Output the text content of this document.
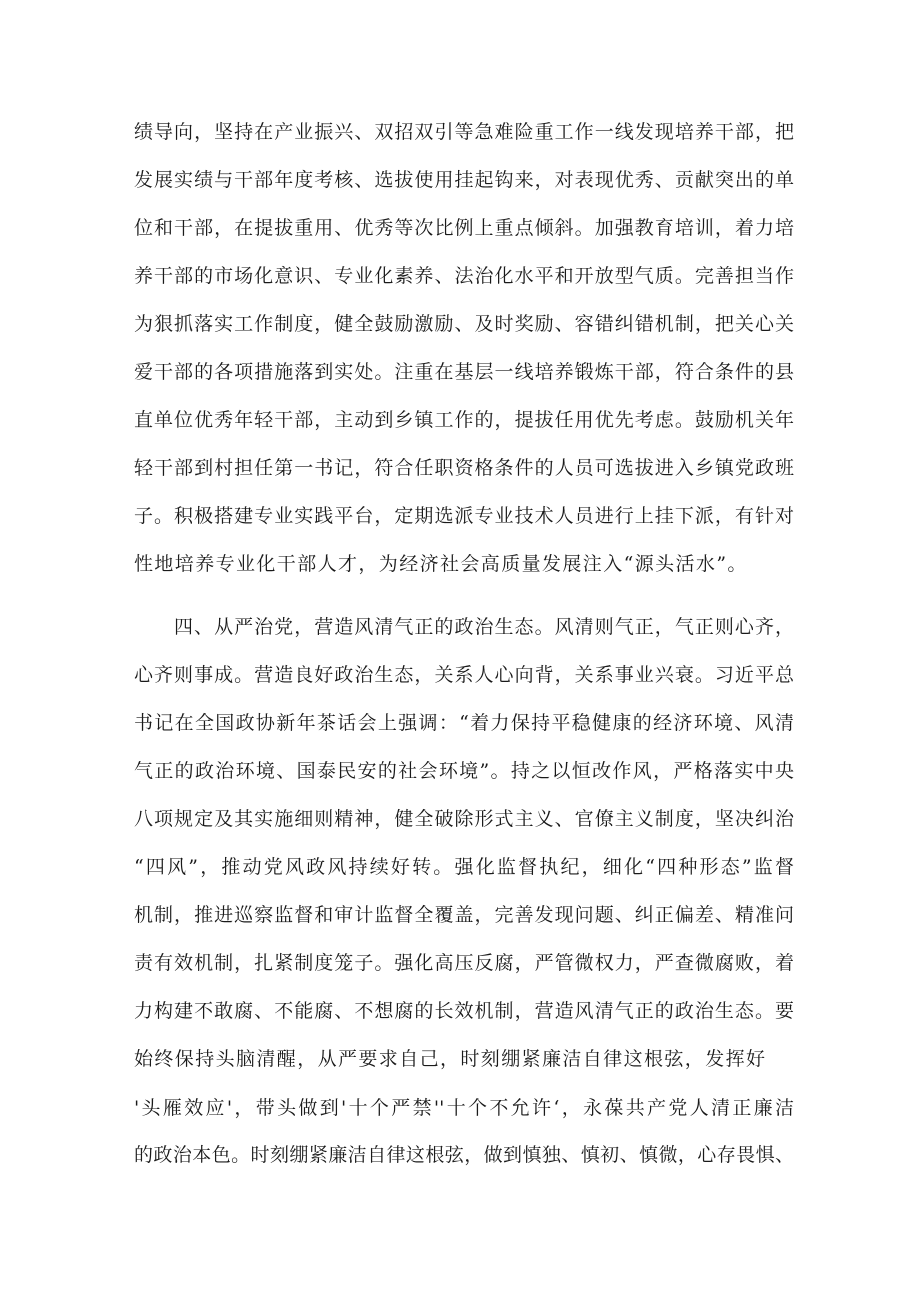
绩导向，坚持在产业振兴、双招双引等急难险重工作一线发现培养干部，把
发展实绩与干部年度考核、选拔使用挂起钩来，对表现优秀、贡献突出的单
位和干部，在提拔重用、优秀等次比例上重点倾斜。加强教育培训，着力培
养干部的市场化意识、专业化素养、法治化水平和开放型气质。完善担当作
为狠抓落实工作制度，健全鼓励激励、及时奖励、容错纠错机制，把关心关
爱干部的各项措施落到实处。注重在基层一线培养锻炼干部，符合条件的县
直单位优秀年轻干部，主动到乡镇工作的，提拔任用优先考虑。鼓励机关年
轻干部到村担任第一书记，符合任职资格条件的人员可选拔进入乡镇党政班
子。积极搭建专业实践平台，定期选派专业技术人员进行上挂下派，有针对
性地培养专业化干部人才，为经济社会高质量发展注入“源头活水”。
四、从严治党，营造风清气正的政治生态。风清则气正，气正则心齐，
心齐则事成。营造良好政治生态，关系人心向背，关系事业兴衰。习近平总
书记在全国政协新年茶话会上强调：“着力保持平稳健康的经济环境、风清
气正的政治环境、国泰民安的社会环境”。持之以恒改作风，严格落实中央
八项规定及其实施细则精神，健全破除形式主义、官僚主义制度，坚决纠治
“四风”，推动党风政风持续好转。强化监督执纪，细化“四种形态”监督
机制，推进巡察监督和审计监督全覆盖，完善发现问题、纠正偏差、精准问
责有效机制，扎紧制度笼子。强化高压反腐，严管微权力，严查微腐败，着
力构建不敢腐、不能腐、不想腐的长效机制，营造风清气正的政治生态。要
始终保持头脑清醒，从严要求自己，时刻绷紧廉洁自律这根弦，发挥好
'头雁效应'，带头做到'十个严禁''十个不允许‘，永葆共产党人清正廉洁
的政治本色。时刻绷紧廉洁自律这根弦，做到慎独、慎初、慎微，心存畏惧、
